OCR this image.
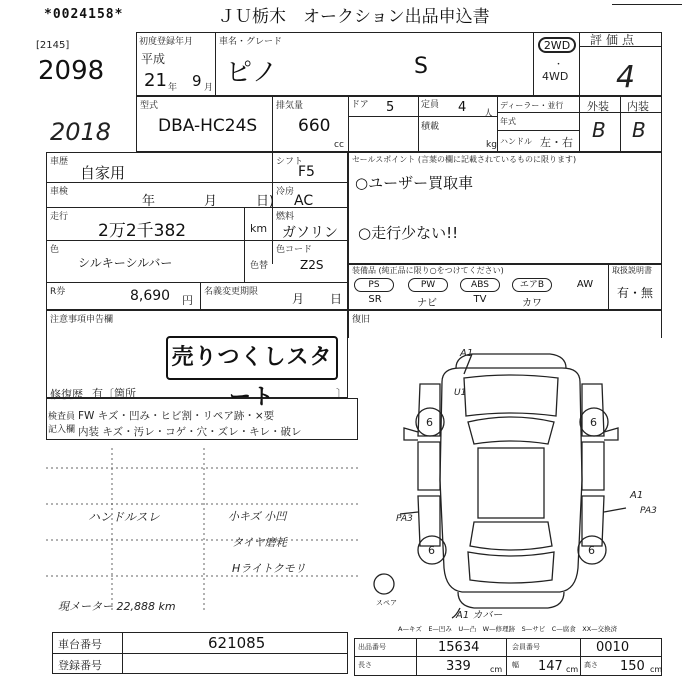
*0024158*	ＪＵ栃木　オークション出品申込書
[2145]
2098
2018
初度登録年月
平成
21 年 9 月
車名・グレード
ピノ	S
2WD
・
4WD
評価点
4
型式
DBA-HC24S
排気量
660
cc
ドア 5	定員 4 人
積載
kg
ディーラー・並行
年式
ハンドル 左・右
外装 内装
B B
車歴
自家用
シフト
F5
車検
年	月	日)
冷房
AC
走行
2万2千382	km
燃料
ガソリン
色
シルキーシルバー	色替
色コード
Z2S
R券	8,690 円
名義変更期限	月 日
セールスポイント (言葉の欄に記載されているものに限ります)
○ユーザー買取車
○走行少ない!!
装備品 (純正品に限り○をつけてください)	取扱説明書
有・無
PS	PW	ABS	エアB	AW
SR	ナビ	TV	カワ
注意事項申告欄
売りつくしスタート
修復歴 有〔箇所	〕
復旧
検査員
記入欄
FW キズ・凹み・ヒビ割・リペア跡・×要
内装 キズ・汚レ・コゲ・穴・ズレ・キレ・破レ
ハンドルスレ	小キズ 小凹
タイヤ磨耗
Hライトクモリ
現メーター 22,888 km
6	6
6	6
A1
U1
PA3
A1
PA3
スペア
A1 カバー
A—キズ　E—凹み　U—凸　W—修理跡　S—サビ　C—腐食　XX—交換済
車台番号	621085
登録番号
出品番号	15634	会員番号	0010
長さ	339 cm 幅 147 cm 高さ 150 cm
